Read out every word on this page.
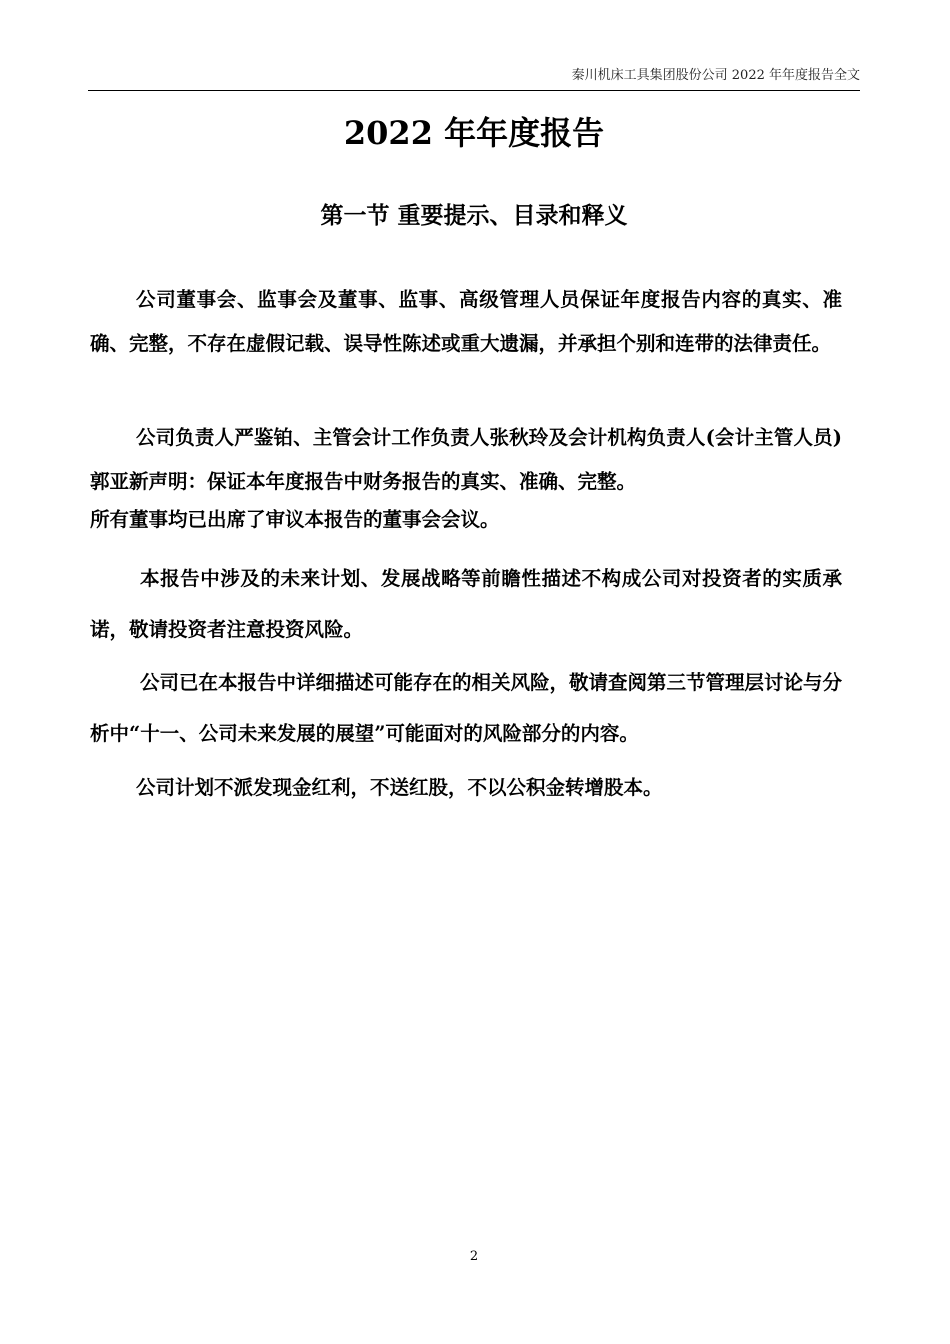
秦川机床工具集团股份公司 2022 年年度报告全文
2022 年年度报告
第一节 重要提示、目录和释义

公司董事会、监事会及董事、监事、高级管理人员保证年度报告内容的真实、准确、完整，不存在虚假记载、误导性陈述或重大遗漏，并承担个别和连带的法律责任。

公司负责人严鉴铂、主管会计工作负责人张秋玲及会计机构负责人(会计主管人员)郭亚新声明：保证本年度报告中财务报告的真实、准确、完整。

所有董事均已出席了审议本报告的董事会会议。

本报告中涉及的未来计划、发展战略等前瞻性描述不构成公司对投资者的实质承诺，敬请投资者注意投资风险。

公司已在本报告中详细描述可能存在的相关风险，敬请查阅第三节管理层讨论与分析中“十一、公司未来发展的展望”可能面对的风险部分的内容。

公司计划不派发现金红利，不送红股，不以公积金转增股本。

2
